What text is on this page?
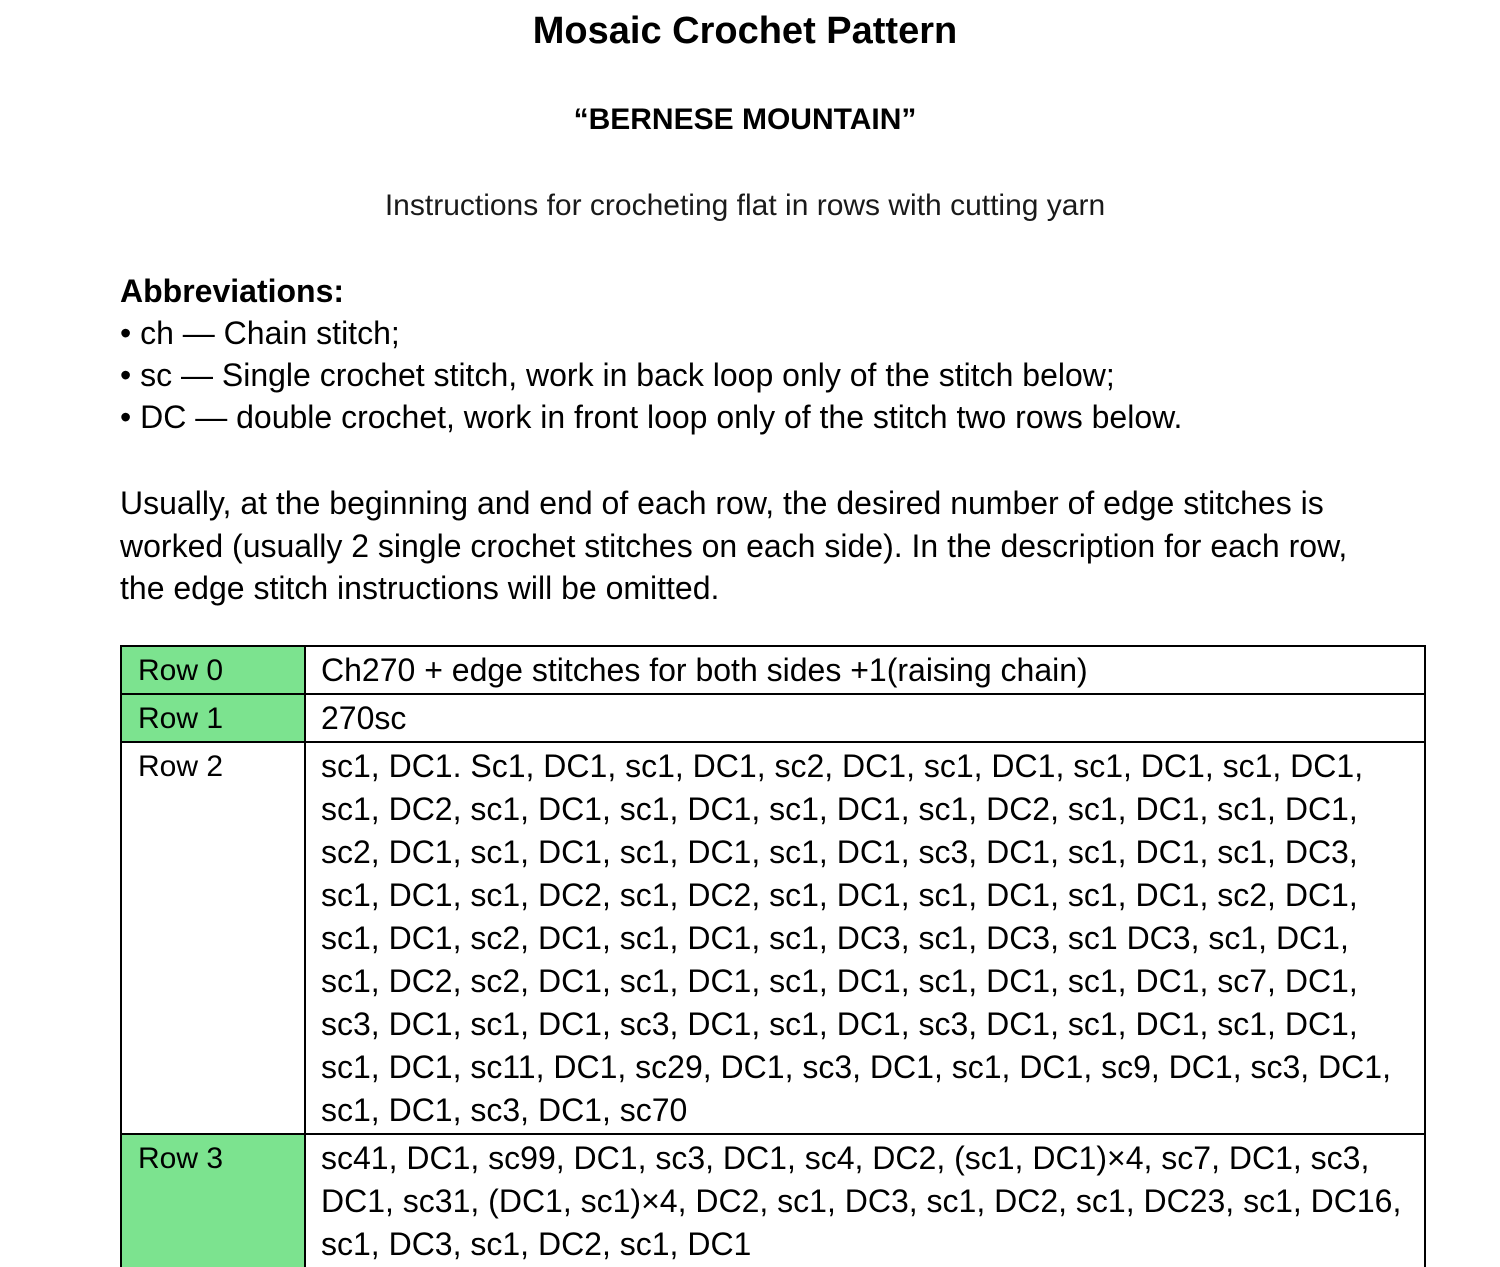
Mosaic Crochet Pattern
“BERNESE MOUNTAIN”
Instructions for crocheting flat in rows with cutting yarn
Abbreviations:
• ch — Chain stitch;
• sc — Single crochet stitch, work in back loop only of the stitch below;
• DC — double crochet, work in front loop only of the stitch two rows below.
Usually, at the beginning and end of each row, the desired number of edge stitches is worked (usually 2 single crochet stitches on each side). In the description for each row, the edge stitch instructions will be omitted.
Row 0	Ch270 + edge stitches for both sides +1(raising chain)
Row 1	270sc
Row 2	sc1, DC1. Sc1, DC1, sc1, DC1, sc2, DC1, sc1, DC1, sc1, DC1, sc1, DC1, sc1, DC2, sc1, DC1, sc1, DC1, sc1, DC1, sc1, DC2, sc1, DC1, sc1, DC1, sc2, DC1, sc1, DC1, sc1, DC1, sc1, DC1, sc3, DC1, sc1, DC1, sc1, DC3, sc1, DC1, sc1, DC2, sc1, DC2, sc1, DC1, sc1, DC1, sc1, DC1, sc2, DC1, sc1, DC1, sc2, DC1, sc1, DC1, sc1, DC3, sc1, DC3, sc1 DC3, sc1, DC1, sc1, DC2, sc2, DC1, sc1, DC1, sc1, DC1, sc1, DC1, sc1, DC1, sc7, DC1, sc3, DC1, sc1, DC1, sc3, DC1, sc1, DC1, sc3, DC1, sc1, DC1, sc1, DC1, sc1, DC1, sc11, DC1, sc29, DC1, sc3, DC1, sc1, DC1, sc9, DC1, sc3, DC1, sc1, DC1, sc3, DC1, sc70
Row 3	sc41, DC1, sc99, DC1, sc3, DC1, sc4, DC2, (sc1, DC1)×4, sc7, DC1, sc3, DC1, sc31, (DC1, sc1)×4, DC2, sc1, DC3, sc1, DC2, sc1, DC23, sc1, DC16, sc1, DC3, sc1, DC2, sc1, DC1
